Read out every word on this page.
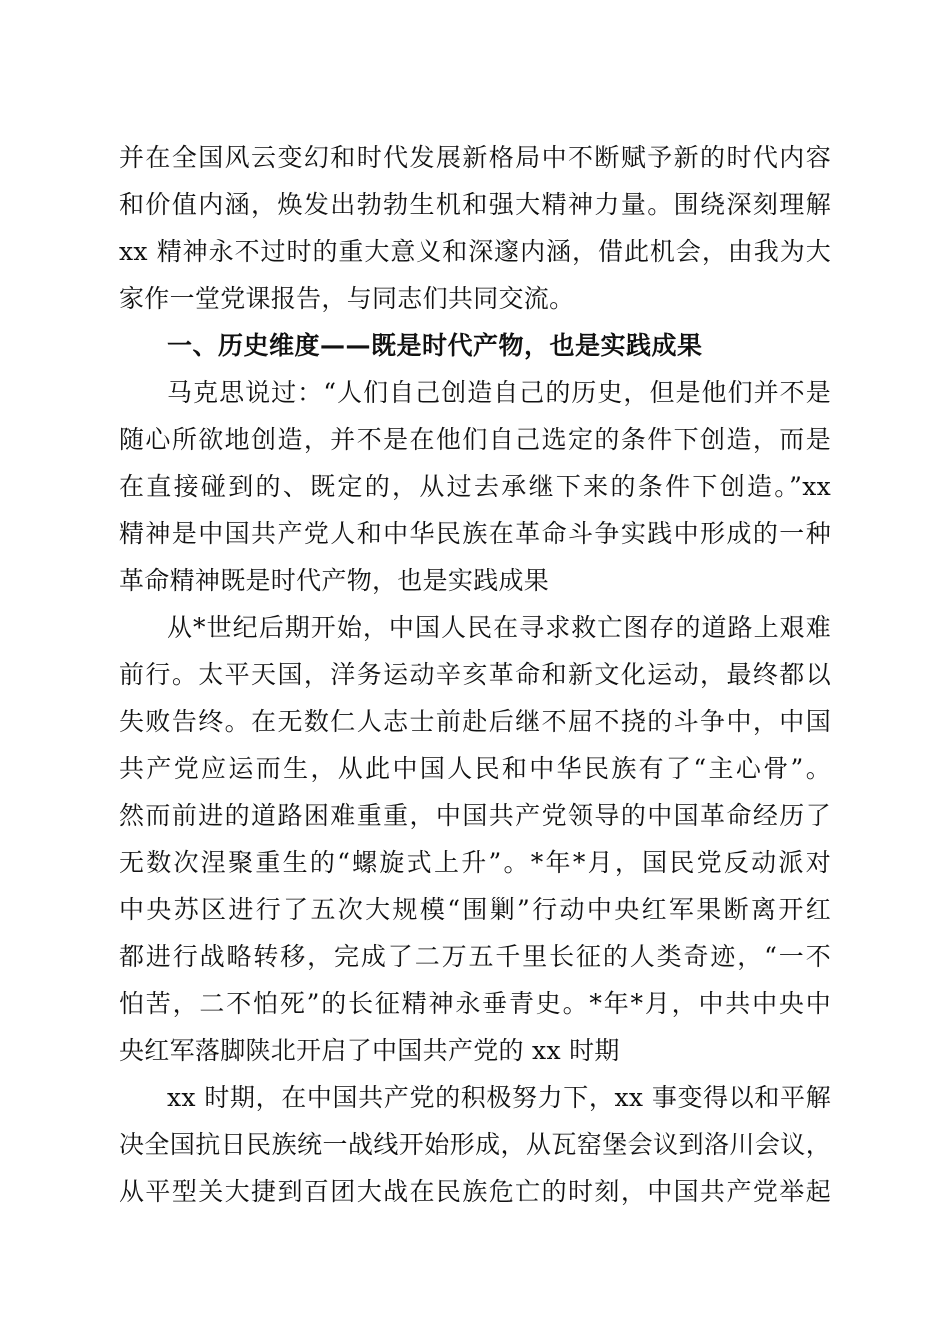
并在全国风云变幻和时代发展新格局中不断赋予新的时代内容
和价值内涵，焕发出勃勃生机和强大精神力量。围绕深刻理解
xx 精神永不过时的重大意义和深邃内涵，借此机会，由我为大
家作一堂党课报告，与同志们共同交流。
一、历史维度——既是时代产物，也是实践成果
马克思说过：“人们自己创造自己的历史，但是他们并不是
随心所欲地创造，并不是在他们自己选定的条件下创造，而是
在直接碰到的、既定的，从过去承继下来的条件下创造。”xx
精神是中国共产党人和中华民族在革命斗争实践中形成的一种
革命精神既是时代产物，也是实践成果
从*世纪后期开始，中国人民在寻求救亡图存的道路上艰难
前行。太平天国，洋务运动辛亥革命和新文化运动，最终都以
失败告终。在无数仁人志士前赴后继不屈不挠的斗争中，中国
共产党应运而生，从此中国人民和中华民族有了“主心骨”。
然而前进的道路困难重重，中国共产党领导的中国革命经历了
无数次涅聚重生的“螺旋式上升”。*年*月，国民党反动派对
中央苏区进行了五次大规模“围剿”行动中央红军果断离开红
都进行战略转移，完成了二万五千里长征的人类奇迹，“一不
怕苦，二不怕死”的长征精神永垂青史。*年*月，中共中央中
央红军落脚陕北开启了中国共产党的 xx 时期
xx 时期，在中国共产党的积极努力下，xx 事变得以和平解
决全国抗日民族统一战线开始形成，从瓦窑堡会议到洛川会议，
从平型关大捷到百团大战在民族危亡的时刻，中国共产党举起
